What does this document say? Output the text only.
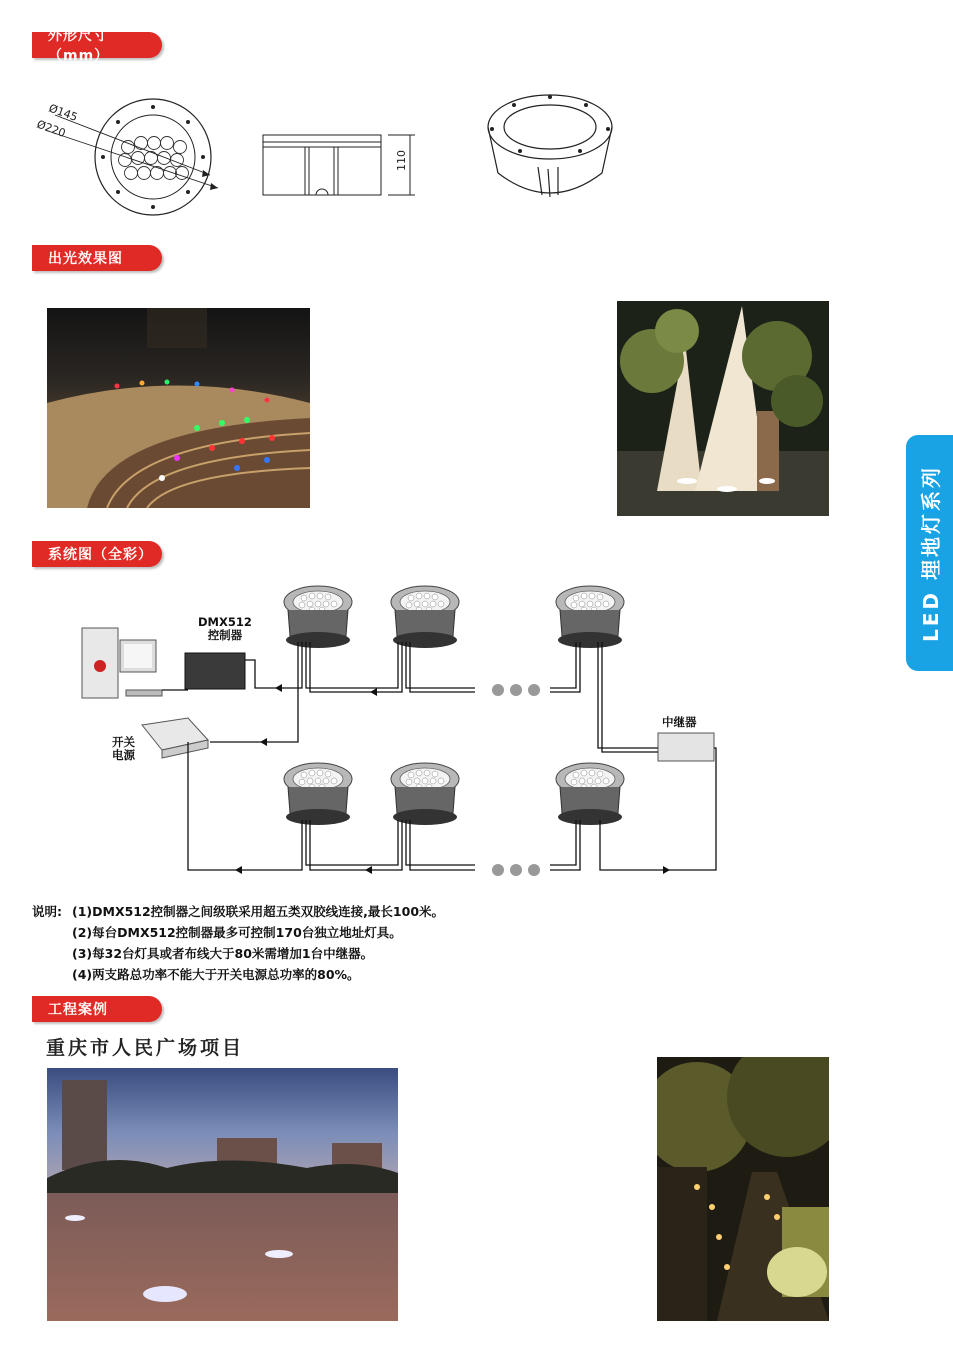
LED 埋地灯系列
外形尺寸（mm）
Ø145
Ø220
110
出光效果图
系统图（全彩）
DMX512
控制器
开关
电源
中继器
说明: (1)DMX512控制器之间级联采用超五类双胶线连接,最长100米。
(2)每台DMX512控制器最多可控制170台独立地址灯具。
(3)每32台灯具或者布线大于80米需增加1台中继器。
(4)两支路总功率不能大于开关电源总功率的80%。
工程案例
重庆市人民广场项目
